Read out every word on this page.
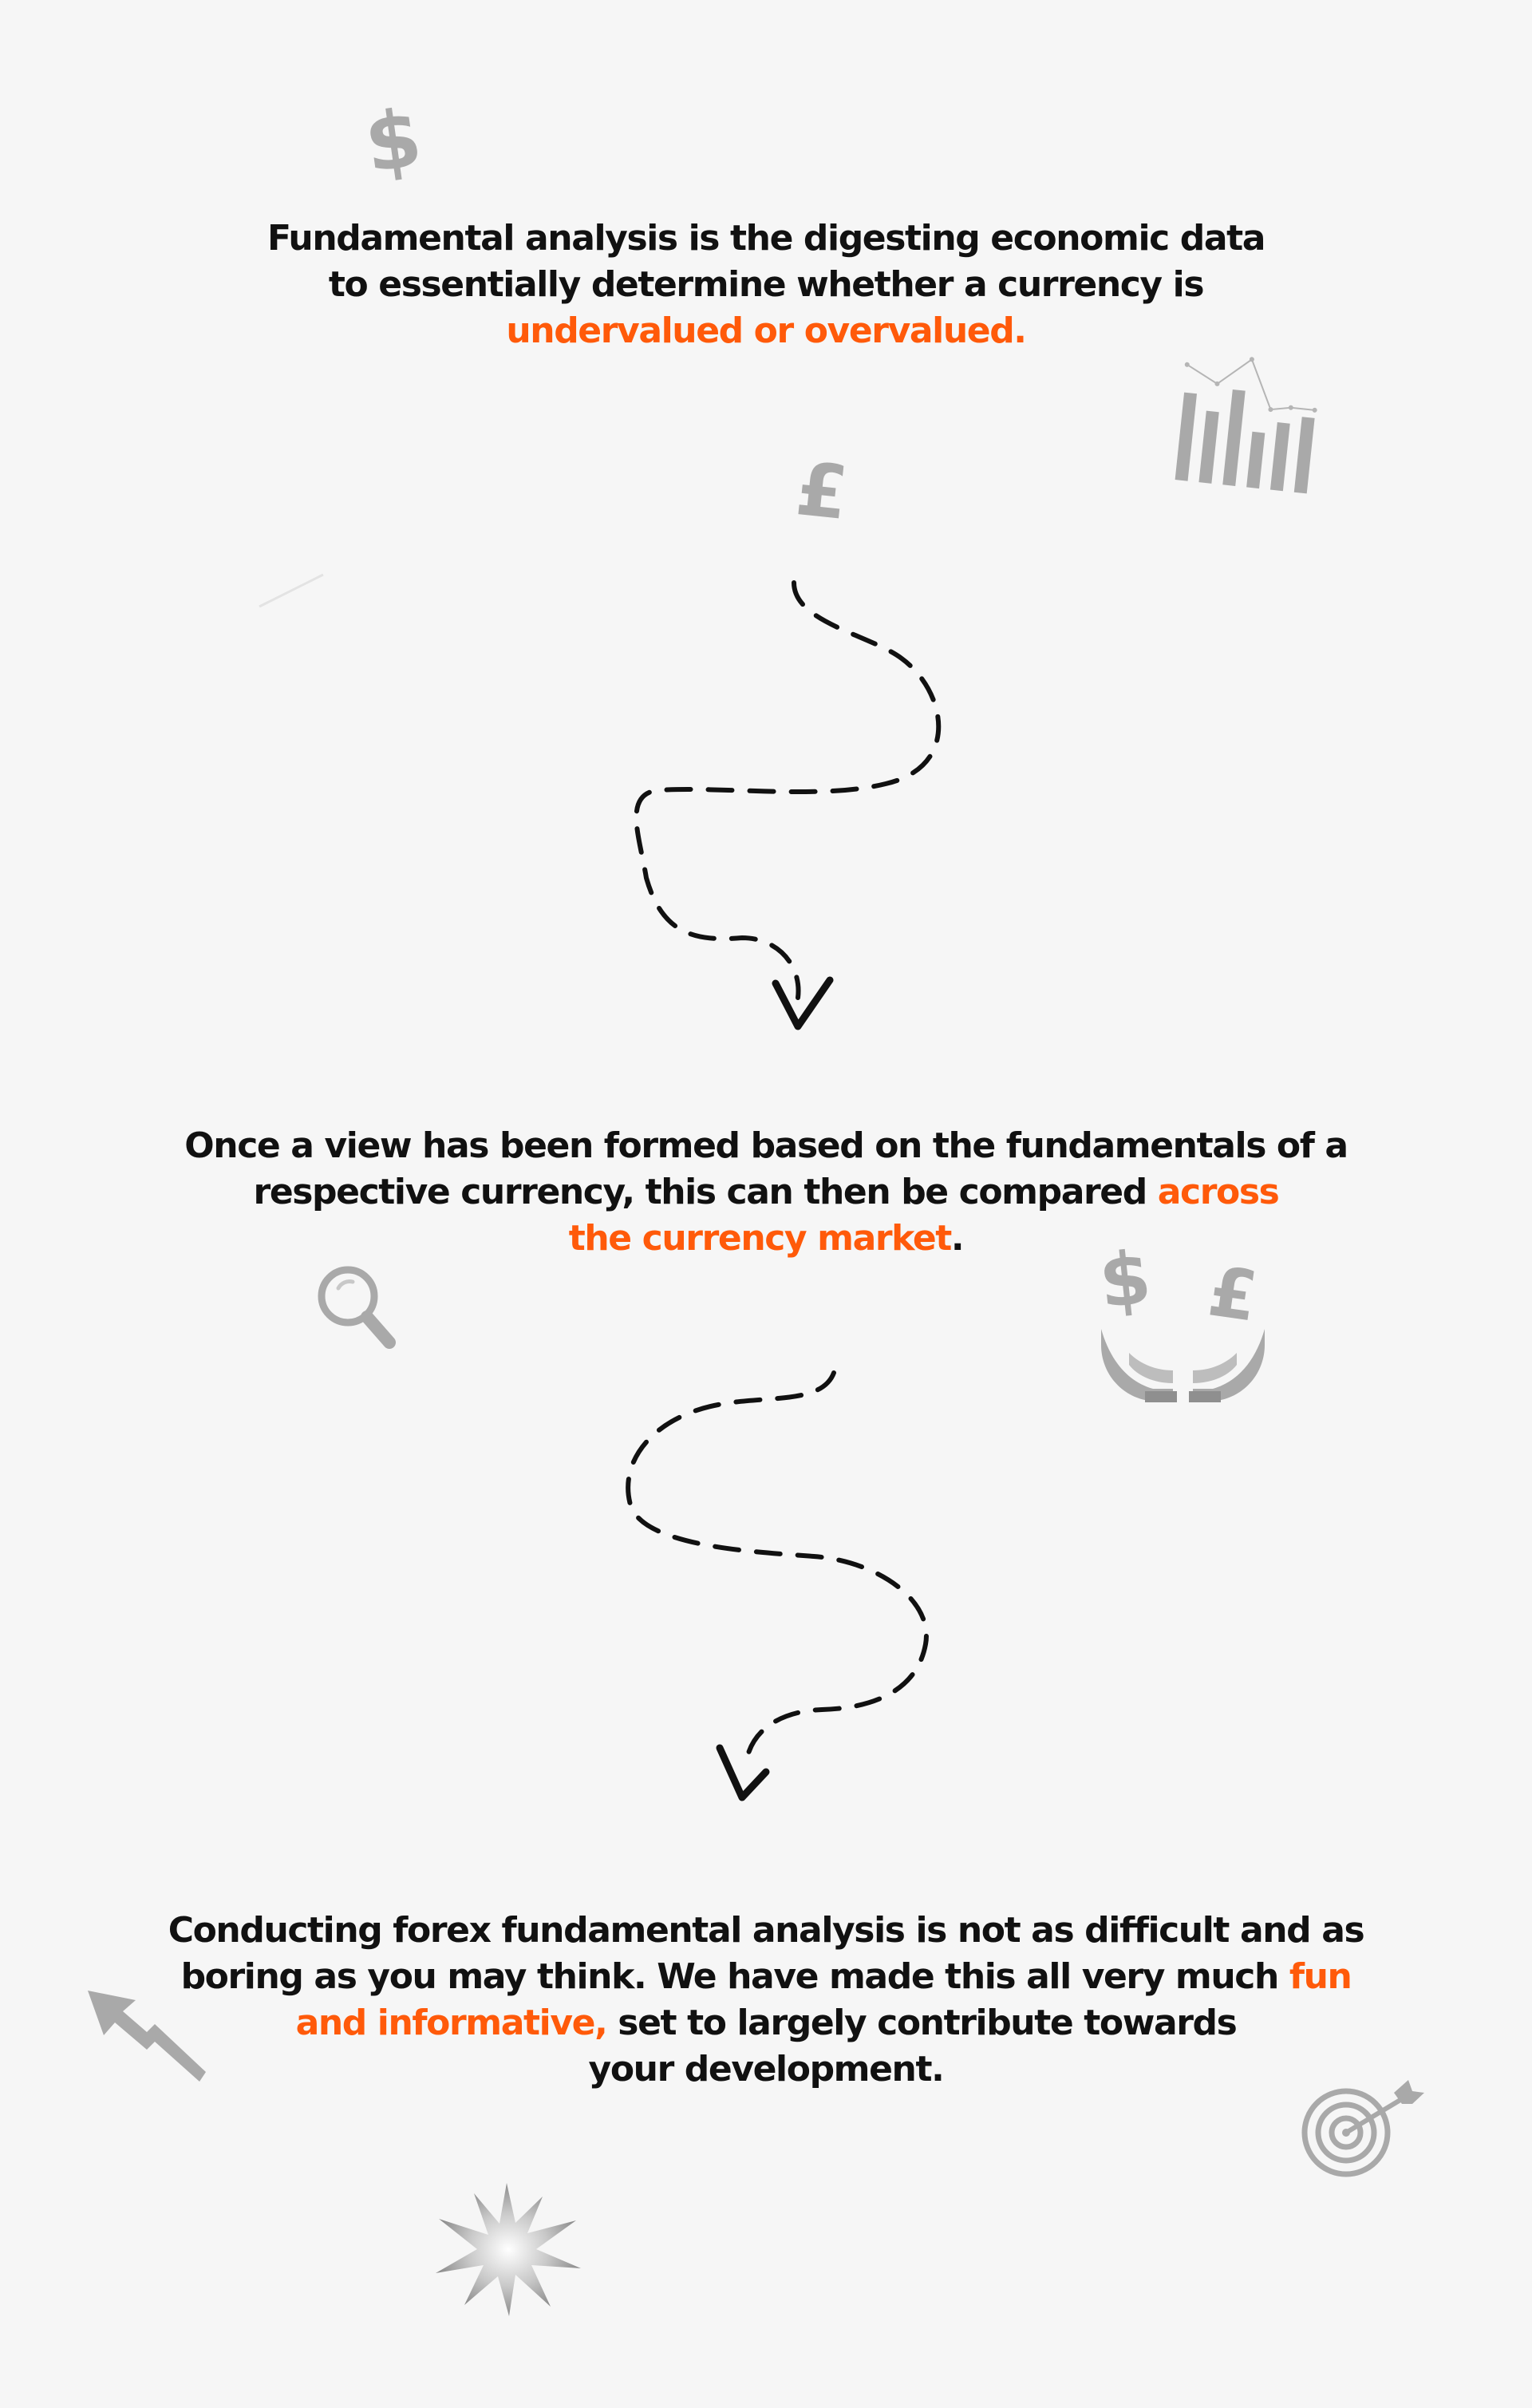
Fundamental analysis is the digesting economic data

to essentially determine whether a currency is

undervalued or overvalued.

Once a view has been formed based on the fundamentals of a

respective currency, this can then be compared across

the currency market.

Conducting forex fundamental analysis is not as difficult and as

boring as you may think. We have made this all very much fun

and informative, set to largely contribute towards

your development.

$
£
$ £
